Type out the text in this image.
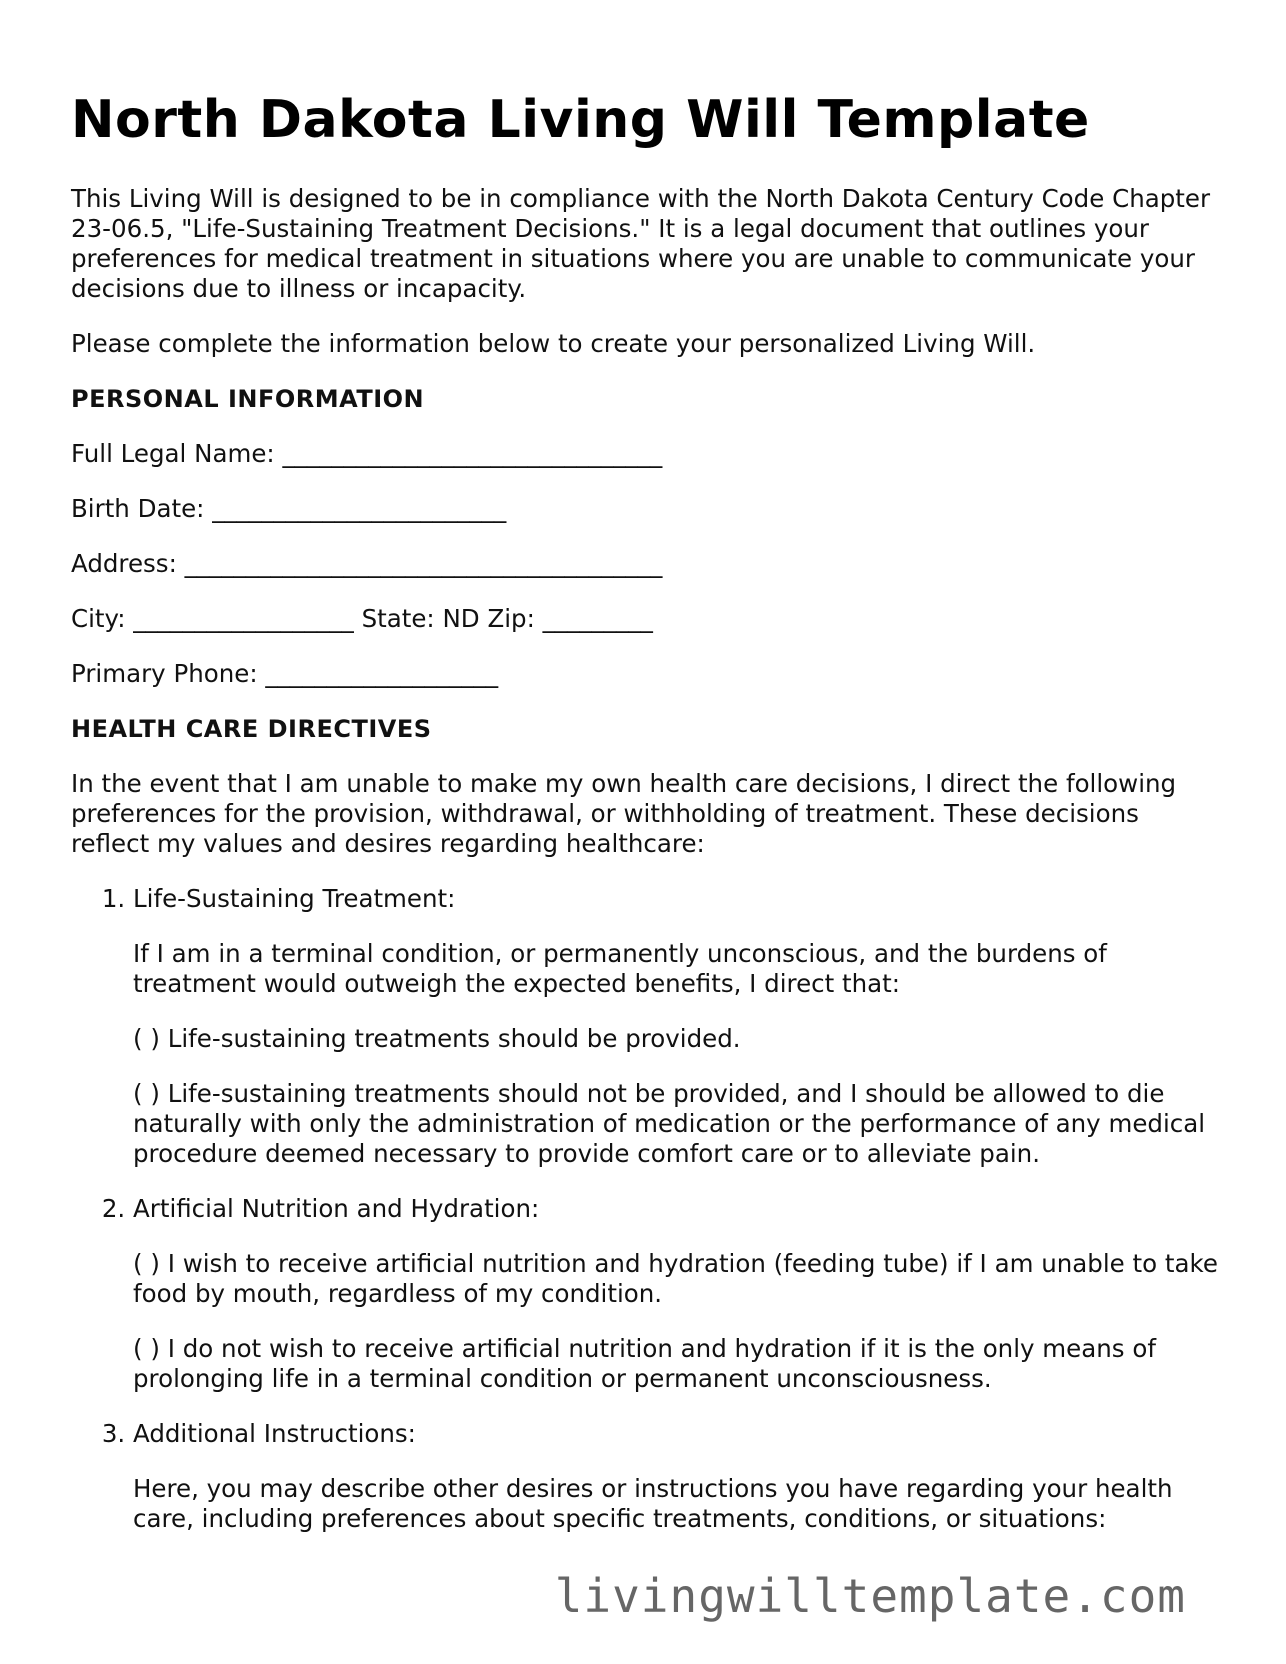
North Dakota Living Will Template

This Living Will is designed to be in compliance with the North Dakota Century Code Chapter 23-06.5, "Life-Sustaining Treatment Decisions." It is a legal document that outlines your preferences for medical treatment in situations where you are unable to communicate your decisions due to illness or incapacity.

Please complete the information below to create your personalized Living Will.

PERSONAL INFORMATION
Full Legal Name: _______________________________
Birth Date: ________________________
Address: _______________________________________
City: __________________ State: ND Zip: _________
Primary Phone: ___________________
HEALTH CARE DIRECTIVES

In the event that I am unable to make my own health care decisions, I direct the following preferences for the provision, withdrawal, or withholding of treatment. These decisions reflect my values and desires regarding healthcare:

1. Life-Sustaining Treatment:

If I am in a terminal condition, or permanently unconscious, and the burdens of treatment would outweigh the expected benefits, I direct that:

( ) Life-sustaining treatments should be provided.

( ) Life-sustaining treatments should not be provided, and I should be allowed to die naturally with only the administration of medication or the performance of any medical procedure deemed necessary to provide comfort care or to alleviate pain.

2. Artificial Nutrition and Hydration:

( ) I wish to receive artificial nutrition and hydration (feeding tube) if I am unable to take food by mouth, regardless of my condition.

( ) I do not wish to receive artificial nutrition and hydration if it is the only means of prolonging life in a terminal condition or permanent unconsciousness.

3. Additional Instructions:

Here, you may describe other desires or instructions you have regarding your health care, including preferences about specific treatments, conditions, or situations:

livingwilltemplate.com
